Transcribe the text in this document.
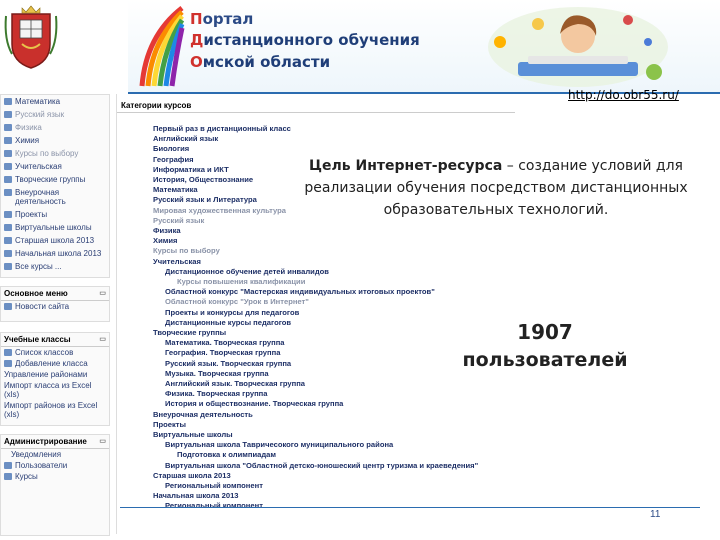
Портал
Дистанционного обучения
Омской области
http://do.obr55.ru/
Математика
Русский язык
Физика
Химия
Курсы по выбору
Учительская
Творческие группы
Внеурочная деятельность
Проекты
Виртуальные школы
Старшая школа 2013
Начальная школа 2013
Все курсы ...
Основное меню	▭
Новости сайта
Учебные классы	▭
Список классов
Добавление класса
Управление районами
Импорт класса из Excel (xls)
Импорт районов из Excel (xls)
Администрирование ▭
Уведомления
Пользователи
Курсы
Категории курсов
Первый раз в дистанционный класс
Английский язык
Биология
География
Информатика и ИКТ
История, Обществознание
Математика
Русский язык и Литература
Мировая художественная культура
Русский язык
Физика
Химия
Курсы по выбору
Учительская
Дистанционное обучение детей инвалидов
Курсы повышения квалификации
Областной конкурс "Мастерская индивидуальных итоговых проектов"
Областной конкурс "Урок в Интернет"
Проекты и конкурсы для педагогов
Дистанционные курсы педагогов
Творческие группы
Математика. Творческая группа
География. Творческая группа
Русский язык. Творческая группа
Музыка. Творческая группа
Английский язык. Творческая группа
Физика. Творческая группа
История и обществознание. Творческая группа
Внеурочная деятельность
Проекты
Виртуальные школы
Виртуальная школа Тавричесокого муниципального района
Подготовка к олимпиадам
Виртуальная школа "Областной детско-юношеский центр туризма и краеведения"
Старшая школа 2013
Региональный компонент
Начальная школа 2013
Региональный компонент
Цель Интернет-ресурса – создание условий для реализации обучения посредством дистанционных образовательных технологий.
1907
пользователей
11
